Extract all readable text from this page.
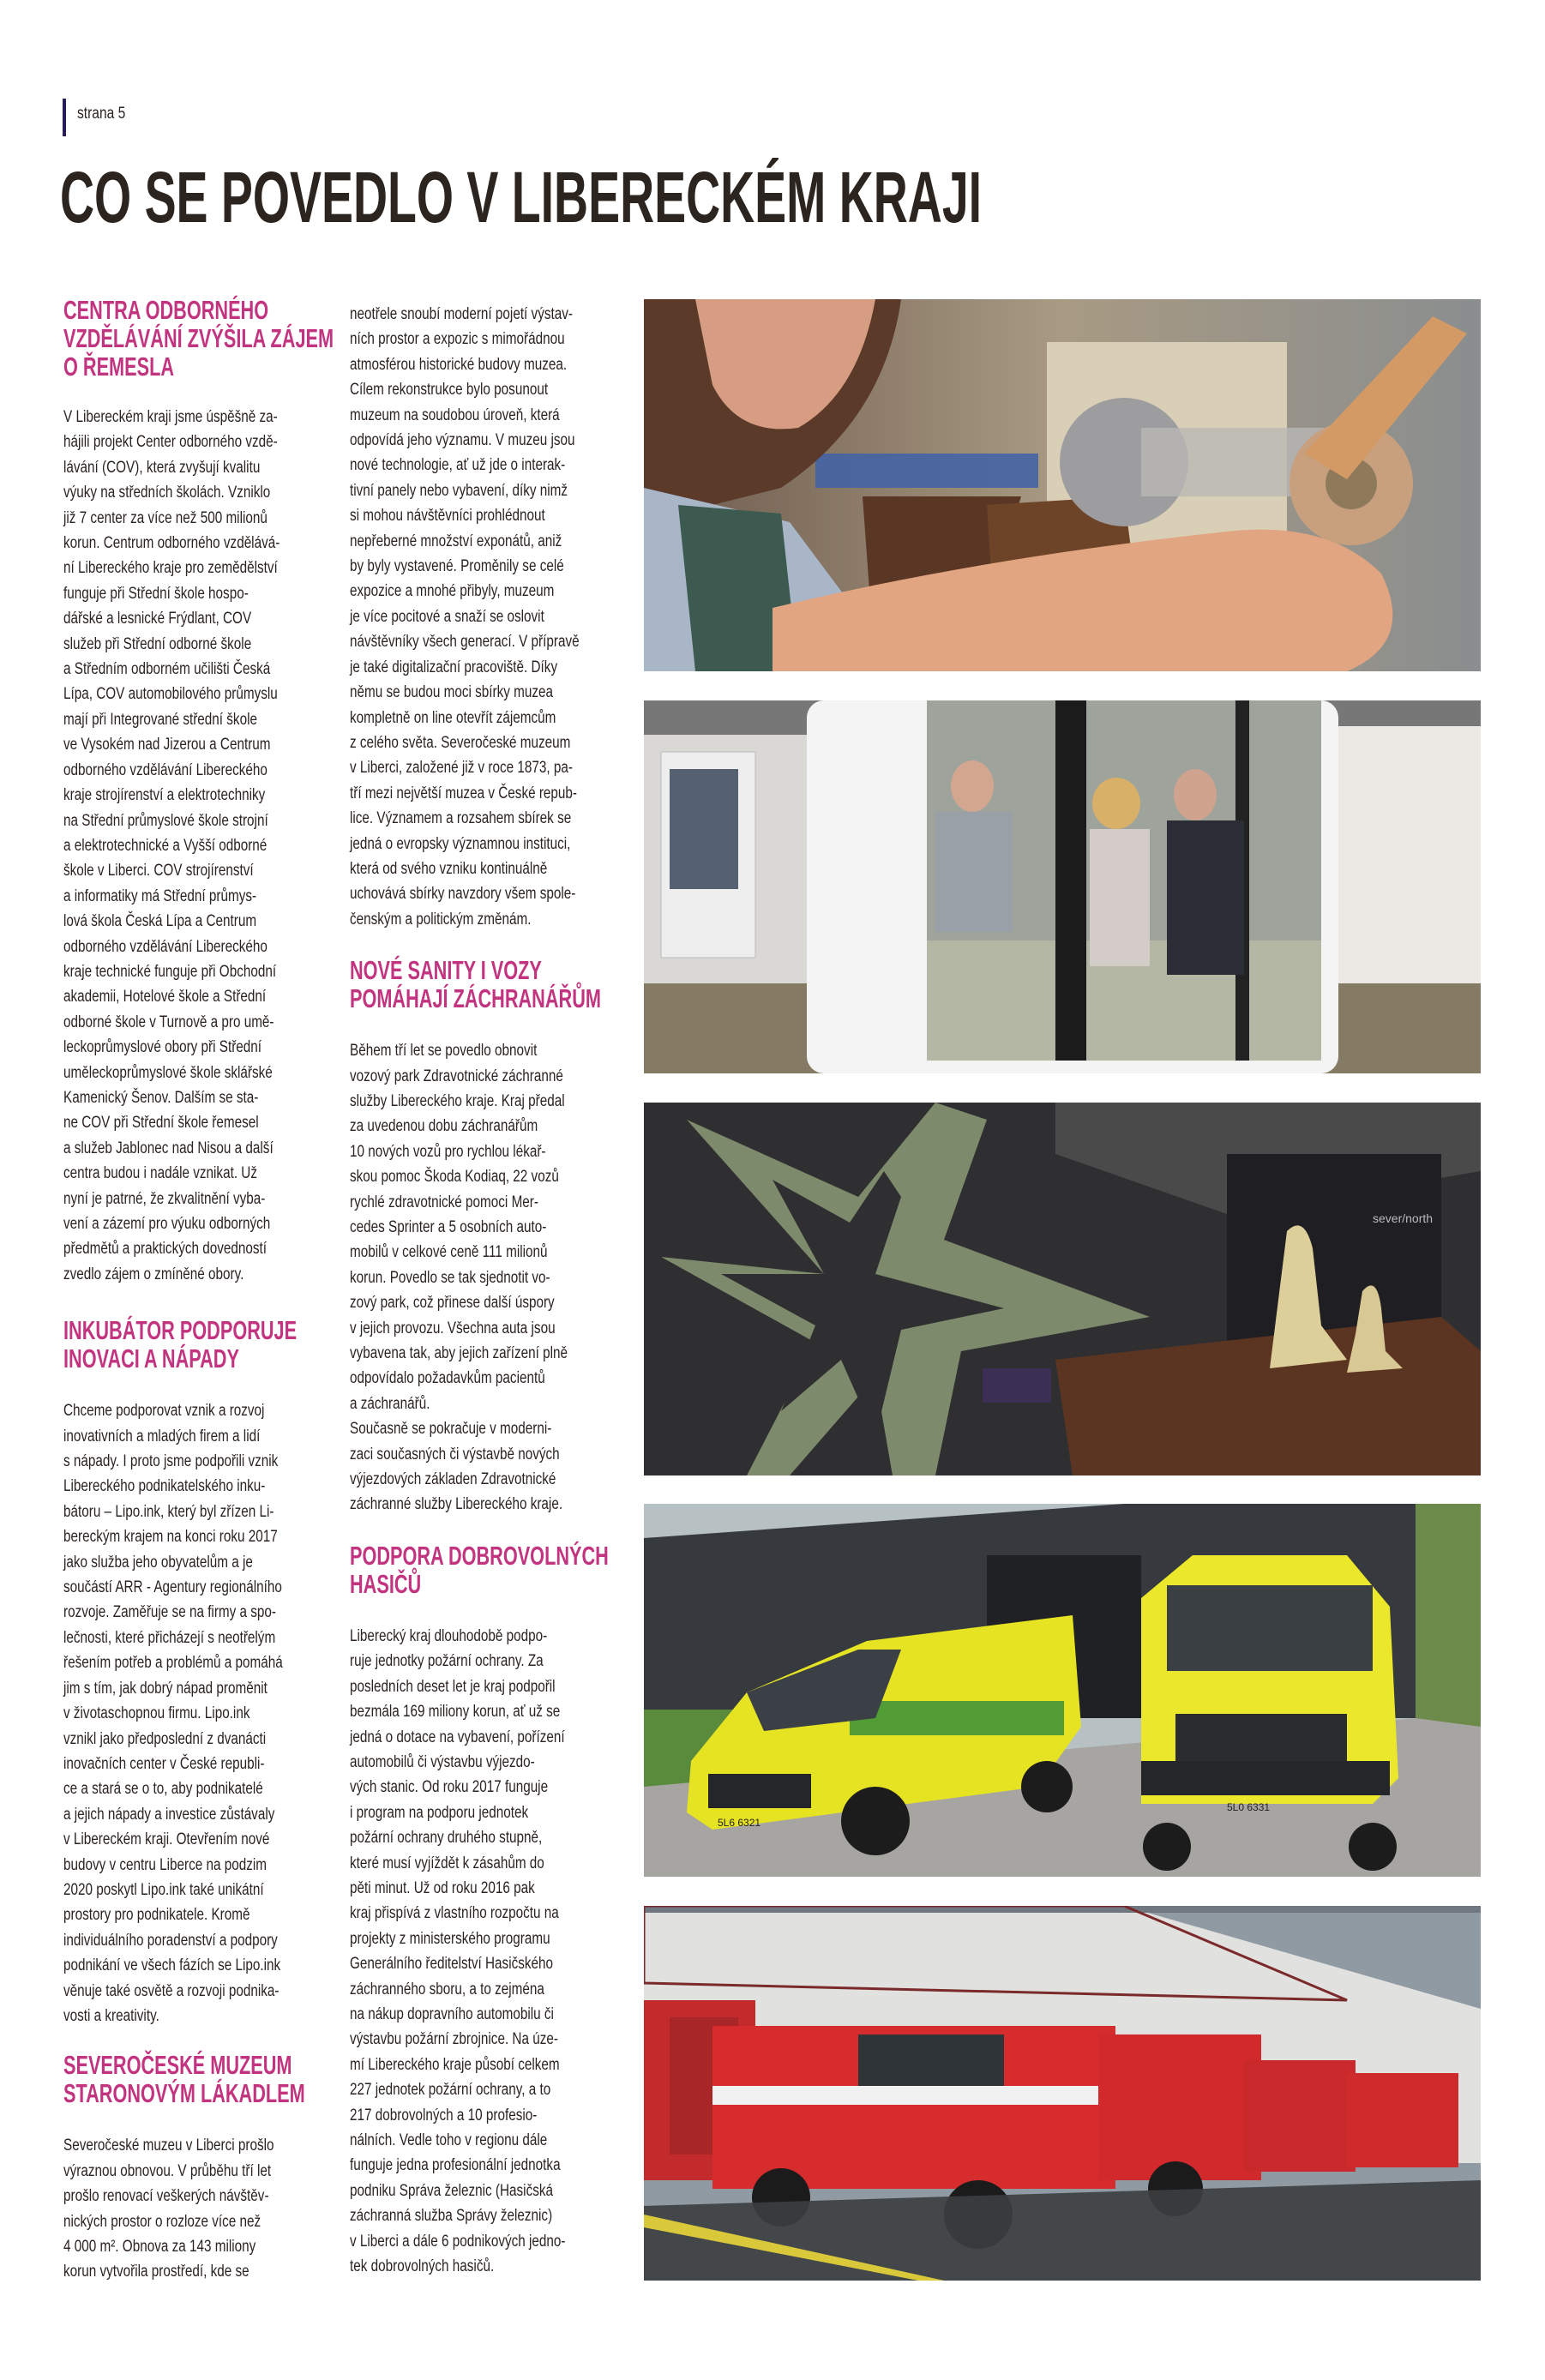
strana 5
CO SE POVEDLO V LIBERECKÉM KRAJI
CENTRA ODBORNÉHO
VZDĚLÁVÁNÍ ZVÝŠILA ZÁJEM
O ŘEMESLA

V Libereckém kraji jsme úspěšně za-
hájili projekt Center odborného vzdě-
lávání (COV), která zvyšují kvalitu
výuky na středních školách. Vzniklo
již 7 center za více než 500 milionů
korun. Centrum odborného vzdělává-
ní Libereckého kraje pro zemědělství
funguje při Střední škole hospo-
dářské a lesnické Frýdlant, COV
služeb při Střední odborné škole
a Středním odborném učilišti Česká
Lípa, COV automobilového průmyslu
mají při Integrované střední škole
ve Vysokém nad Jizerou a Centrum
odborného vzdělávání Libereckého
kraje strojírenství a elektrotechniky
na Střední průmyslové škole strojní
a elektrotechnické a Vyšší odborné
škole v Liberci. COV strojírenství
a informatiky má Střední průmys-
lová škola Česká Lípa a Centrum
odborného vzdělávání Libereckého
kraje technické funguje při Obchodní
akademii, Hotelové škole a Střední
odborné škole v Turnově a pro umě-
leckoprůmyslové obory při Střední
uměleckoprůmyslové škole sklářské
Kamenický Šenov. Dalším se sta-
ne COV při Střední škole řemesel
a služeb Jablonec nad Nisou a další
centra budou i nadále vznikat. Už
nyní je patrné, že zkvalitnění vyba-
vení a zázemí pro výuku odborných
předmětů a praktických dovedností
zvedlo zájem o zmíněné obory.

INKUBÁTOR PODPORUJE
INOVACI A NÁPADY

Chceme podporovat vznik a rozvoj
inovativních a mladých firem a lidí
s nápady. I proto jsme podpořili vznik
Libereckého podnikatelského inku-
bátoru – Lipo.ink, který byl zřízen Li-
bereckým krajem na konci roku 2017
jako služba jeho obyvatelům a je
součástí ARR - Agentury regionálního
rozvoje. Zaměřuje se na firmy a spo-
lečnosti, které přicházejí s neotřelým
řešením potřeb a problémů a pomáhá
jim s tím, jak dobrý nápad proměnit
v životaschopnou firmu. Lipo.ink
vznikl jako předposlední z dvanácti
inovačních center v České republi-
ce a stará se o to, aby podnikatelé
a jejich nápady a investice zůstávaly
v Libereckém kraji. Otevřením nové
budovy v centru Liberce na podzim
2020 poskytl Lipo.ink také unikátní
prostory pro podnikatele. Kromě
individuálního poradenství a podpory
podnikání ve všech fázích se Lipo.ink
věnuje také osvětě a rozvoji podnika-
vosti a kreativity.

SEVEROČESKÉ MUZEUM
STARONOVÝM LÁKADLEM

Severočeské muzeu v Liberci prošlo
výraznou obnovou. V průběhu tří let
prošlo renovací veškerých návštěv-
nických prostor o rozloze více než
4 000 m². Obnova za 143 miliony
korun vytvořila prostředí, kde se

neotřele snoubí moderní pojetí výstav-
ních prostor a expozic s mimořádnou
atmosférou historické budovy muzea.
Cílem rekonstrukce bylo posunout
muzeum na soudobou úroveň, která
odpovídá jeho významu. V muzeu jsou
nové technologie, ať už jde o interak-
tivní panely nebo vybavení, díky nimž
si mohou návštěvníci prohlédnout
nepřeberné množství exponátů, aniž
by byly vystavené. Proměnily se celé
expozice a mnohé přibyly, muzeum
je více pocitové a snaží se oslovit
návštěvníky všech generací. V přípravě
je také digitalizační pracoviště. Díky
němu se budou moci sbírky muzea
kompletně on line otevřít zájemcům
z celého světa. Severočeské muzeum
v Liberci, založené již v roce 1873, pa-
tří mezi největší muzea v České repub-
lice. Významem a rozsahem sbírek se
jedná o evropsky významnou instituci,
která od svého vzniku kontinuálně
uchovává sbírky navzdory všem spole-
čenským a politickým změnám.

NOVÉ SANITY I VOZY
POMÁHAJÍ ZÁCHRANÁŘŮM

Během tří let se povedlo obnovit
vozový park Zdravotnické záchranné
služby Libereckého kraje. Kraj předal
za uvedenou dobu záchranářům
10 nových vozů pro rychlou lékař-
skou pomoc Škoda Kodiaq, 22 vozů
rychlé zdravotnické pomoci Mer-
cedes Sprinter a 5 osobních auto-
mobilů v celkové ceně 111 milionů
korun. Povedlo se tak sjednotit vo-
zový park, což přinese další úspory
v jejich provozu. Všechna auta jsou
vybavena tak, aby jejich zařízení plně
odpovídalo požadavkům pacientů
a záchranářů.
Současně se pokračuje v moderni-
zaci současných či výstavbě nových
výjezdových základen Zdravotnické
záchranné služby Libereckého kraje.

PODPORA DOBROVOLNÝCH
HASIČŮ

Liberecký kraj dlouhodobě podpo-
ruje jednotky požární ochrany. Za
posledních deset let je kraj podpořil
bezmála 169 miliony korun, ať už se
jedná o dotace na vybavení, pořízení
automobilů či výstavbu výjezdo-
vých stanic. Od roku 2017 funguje
i program na podporu jednotek
požární ochrany druhého stupně,
které musí vyjíždět k zásahům do
pěti minut. Už od roku 2016 pak
kraj přispívá z vlastního rozpočtu na
projekty z ministerského programu
Generálního ředitelství Hasičského
záchranného sboru, a to zejména
na nákup dopravního automobilu či
výstavbu požární zbrojnice. Na úze-
mí Libereckého kraje působí celkem
227 jednotek požární ochrany, a to
217 dobrovolných a 10 profesio-
nálních. Vedle toho v regionu dále
funguje jedna profesionální jednotka
podniku Správa železnic (Hasičská
záchranná služba Správy železnic)
v Liberci a dále 6 podnikových jedno-
tek dobrovolných hasičů.

sever/north
5L6 6321
5L0 6331
